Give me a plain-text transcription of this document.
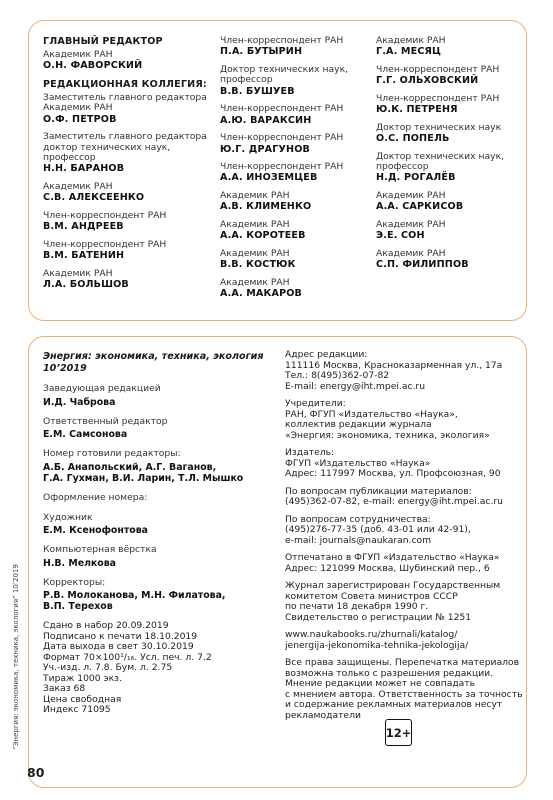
ГЛАВНЫЙ РЕДАКТОР
Академик РАН
О.Н. ФАВОРСКИЙ
РЕДАКЦИОННАЯ КОЛЛЕГИЯ:
Заместитель главного редактора
Академик РАН
О.Ф. ПЕТРОВ
Заместитель главного редактора
доктор технических наук,
профессор
Н.Н. БАРАНОВ
Академик РАН
С.В. АЛЕКСЕЕНКО
Член-корреспондент РАН
В.М. АНДРЕЕВ
Член-корреспондент РАН
В.М. БАТЕНИН
Академик РАН
Л.А. БОЛЬШОВ
Член-корреспондент РАН
П.А. БУТЫРИН
Доктор технических наук,
профессор
В.В. БУШУЕВ
Член-корреспондент РАН
А.Ю. ВАРАКСИН
Член-корреспондент РАН
Ю.Г. ДРАГУНОВ
Член-корреспондент РАН
А.А. ИНОЗЕМЦЕВ
Академик РАН
А.В. КЛИМЕНКО
Академик РАН
А.А. КОРОТЕЕВ
Академик РАН
В.В. КОСТЮК
Академик РАН
А.А. МАКАРОВ
Академик РАН
Г.А. МЕСЯЦ
Член-корреспондент РАН
Г.Г. ОЛЬХОВСКИЙ
Член-корреспондент РАН
Ю.К. ПЕТРЕНЯ
Доктор технических наук
О.С. ПОПЕЛЬ
Доктор технических наук,
профессор
Н.Д. РОГАЛЁВ
Академик РАН
А.А. САРКИСОВ
Академик РАН
Э.Е. СОН
Академик РАН
С.П. ФИЛИППОВ
Энергия: экономика, техника, экология
10’2019
Заведующая редакцией
И.Д. Чаброва
Ответственный редактор
Е.М. Самсонова
Номер готовили редакторы:
А.Б. Анапольский, А.Г. Ваганов,
Г.А. Гухман, В.И. Ларин, Т.Л. Мышко
Оформление номера:
Художник
Е.М. Ксенофонтова
Компьютерная вёрстка
Н.В. Мелкова
Корректоры:
Р.В. Молоканова, М.Н. Филатова,
В.П. Терехов
Сдано в набор 20.09.2019
Подписано к печати 18.10.2019
Дата выхода в свет 30.10.2019
Формат 70×100¹/₁₆. Усл. печ. л. 7.2
Уч.-изд. л. 7.8. Бум. л. 2.75
Тираж 1000 экз.
Заказ 68
Цена свободная
Индекс 71095
Адрес редакции:
111116 Москва, Красноказарменная ул., 17а
Тел.: 8(495)362-07-82
E-mail: energy@iht.mpei.ac.ru
Учредители:
РАН, ФГУП «Издательство «Наука»,
коллектив редакции журнала
«Энергия: экономика, техника, экология»
Издатель:
ФГУП «Издательство «Наука»
Адрес: 117997 Москва, ул. Профсоюзная, 90
По вопросам публикации материалов:
(495)362-07-82, e-mail: energy@iht.mpei.ac.ru
По вопросам сотрудничества:
(495)276-77-35 (доб. 43-01 или 42-91),
e-mail: journals@naukaran.com
Отпечатано в ФГУП «Издательство «Наука»
Адрес: 121099 Москва, Шубинский пер., 6
Журнал зарегистрирован Государственным
комитетом Совета министров СССР
по печати 18 декабря 1990 г.
Свидетельство о регистрации № 1251
www.naukabooks.ru/zhurnali/katalog/
jenergija-jekonomika-tehnika-jekologija/
Все права защищены. Перепечатка материалов
возможна только с разрешения редакции.
Мнение редакции может не совпадать
с мнением автора. Ответственность за точность
и содержание рекламных материалов несут
рекламодатели
12+
“Энергия: экономика, техника, экология” 10’2019
80
